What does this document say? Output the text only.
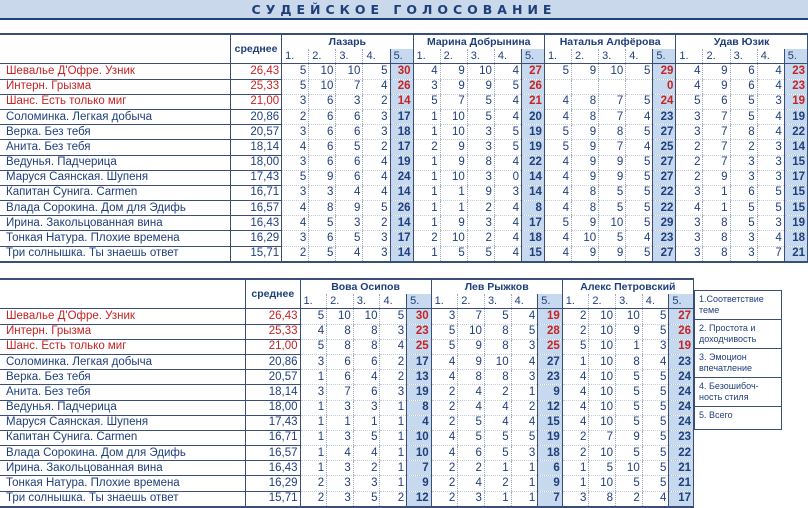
СУДЕЙСКОЕ ГОЛОСОВАНИЕ
	среднее	Лазарь					Марина Добрынина					Наталья Алфёрова					Удав Юзик				
		1.	2.	3.	4.	5.	1.	2.	3.	4.	5.	1.	2.	3.	4.	5.	1.	2.	3.	4.	5.
Шевалье Д'Офре. Узник	26,43	5	10	10	5	30	4	9	10	4	27	5	9	10	5	29	4	9	6	4	23
Интерн. Грызма	25,33	5	10	7	4	26	3	9	9	5	26					0	4	9	6	4	23
Шанс. Есть только миг	21,00	3	6	3	2	14	5	7	5	4	21	4	8	7	5	24	5	6	5	3	19
Соломинка. Легкая добыча	20,86	2	6	6	3	17	1	10	5	4	20	4	8	7	4	23	3	7	5	4	19
Верка. Без тебя	20,57	3	6	6	3	18	1	10	3	5	19	5	9	8	5	27	3	7	8	4	22
Анита. Без тебя	18,14	4	6	5	2	17	2	9	3	5	19	5	9	7	4	25	2	7	2	3	14
Ведунья. Падчерица	18,00	3	6	6	4	19	1	9	8	4	22	4	9	9	5	27	2	7	3	3	15
Маруся Саянская. Шупеня	17,43	5	9	6	4	24	1	10	3	0	14	4	9	9	5	27	2	9	3	3	17
Капитан Сунига. Carmen	16,71	3	3	4	4	14	1	1	9	3	14	4	8	5	5	22	3	1	6	5	15
Влада Сорокина. Дом для Эдифь	16,57	4	8	9	5	26	1	1	2	4	8	4	8	5	5	22	4	1	5	5	15
Ирина. Закольцованная вина	16,43	4	5	3	2	14	1	9	3	4	17	5	9	10	5	29	3	8	5	3	19
Тонкая Натура. Плохие времена	16,29	3	6	5	3	17	2	10	2	4	18	4	10	5	4	23	3	8	3	4	18
Три солнышка. Ты знаешь ответ	15,71	2	5	4	3	14	1	5	5	4	15	4	9	9	5	27	3	8	3	7	21
	среднее	Вова Осипов					Лев Рыжков					Алекс Петровский				
		1.	2.	3.	4.	5.	1.	2.	3.	4.	5.	1.	2.	3.	4.	5.
Шевалье Д'Офре. Узник	26,43	5	10	10	5	30	3	7	5	4	19	2	10	10	5	27
Интерн. Грызма	25,33	4	8	8	3	23	5	10	8	5	28	2	10	9	5	26
Шанс. Есть только миг	21,00	5	8	8	4	25	5	9	8	3	25	5	10	1	3	19
Соломинка. Легкая добыча	20,86	3	6	6	2	17	4	9	10	4	27	1	10	8	4	23
Верка. Без тебя	20,57	1	6	4	2	13	4	8	8	3	23	4	10	5	5	24
Анита. Без тебя	18,14	3	7	6	3	19	2	4	2	1	9	4	10	5	5	24
Ведунья. Падчерица	18,00	1	3	3	1	8	2	4	4	2	12	4	10	5	5	24
Маруся Саянская. Шупеня	17,43	1	1	1	1	4	2	5	4	4	15	4	10	5	5	24
Капитан Сунига. Carmen	16,71	1	3	5	1	10	4	5	5	5	19	2	7	9	5	23
Влада Сорокина. Дом для Эдифь	16,57	1	4	4	1	10	4	6	5	3	18	2	10	5	5	22
Ирина. Закольцованная вина	16,43	1	3	2	1	7	2	2	1	1	6	1	5	10	5	21
Тонкая Натура. Плохие времена	16,29	2	3	3	1	9	2	4	2	1	9	1	10	5	5	21
Три солнышка. Ты знаешь ответ	15,71	2	3	5	2	12	2	3	1	1	7	3	8	2	4	17
1.Соответствие теме
2. Простота и доходчивость
3. Эмоцион впечатление
4. Безошибоч-ность стиля
5. Всего
